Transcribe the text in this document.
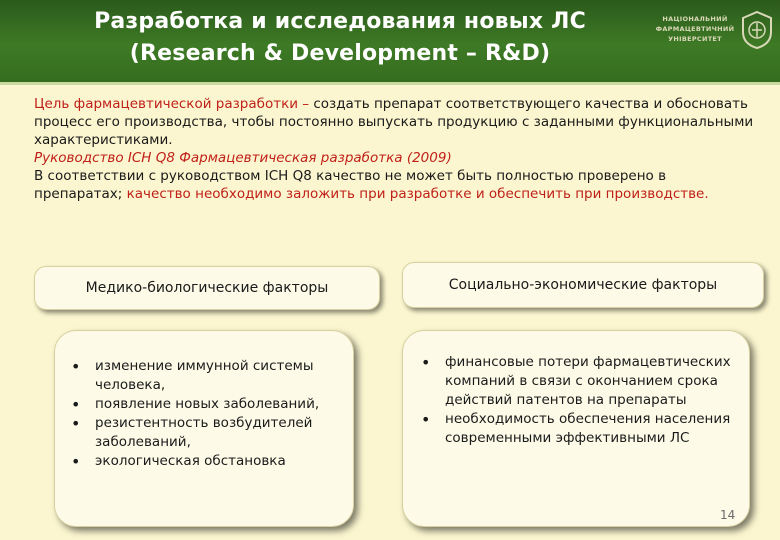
Разработка и исследования новых ЛС
(Research & Development – R&D)
НАЦІОНАЛЬНИЙ
ФАРМАЦЕВТИЧНИЙ
УНІВЕРСИТЕТ

Цель фармацевтической разработки – создать препарат соответствующего качества и обосновать процесс его производства, чтобы постоянно выпускать продукцию с заданными функциональными характеристиками.

Руководство ICH Q8 Фармацевтическая разработка (2009)

В соответствии с руководством ICH Q8 качество не может быть полностью проверено в препаратах; качество необходимо заложить при разработке и обеспечить при производстве.

Медико-биологические факторы	Социально-экономические факторы
• изменение иммунной системы человека,
• появление новых заболеваний,
• резистентность возбудителей заболеваний,
• экологическая обстановка
• финансовые потери фармацевтических компаний в связи с окончанием срока действий патентов на препараты
• необходимость обеспечения населения современными эффективными ЛС
14
